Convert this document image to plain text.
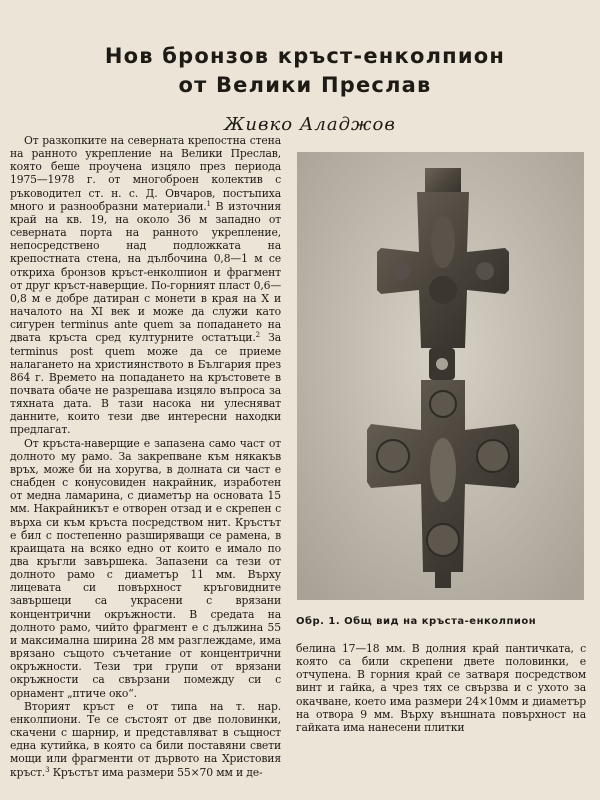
Нов бронзов кръст-енколпион
от Велики Преслав
Живко Аладжов

От разкопките на северната крепостна стена на ранното укрепление на Велики Преслав, която беше проучена изцяло през периода 1975—1978 г. от многоброен колектив с ръководител ст. н. с. Д. Овчаров, постъпиха много и разнообразни материали.$^1$ В източния край на кв. 19, на около 36 м западно от северната порта на ранното укрепление, непосредствено над подложката на крепостната стена, на дълбочина 0,8—1 м се откриха бронзов кръст-енколпион и фрагмент от друг кръст-наверщие. По-горният пласт 0,6—0,8 м е добре датиран с монети в края на X и началото на XI век и може да служи като сигурен terminus ante quem за попадането на двата кръста сред културните остатъци.$^2$ За terminus post quem може да се приеме налагането на християнството в България през 864 г. Времето на попадането на кръстовете в почвата обаче не разрешава изцяло въпроса за тяхната дата. В тази насока ни улесняват данните, които тези две интересни находки предлагат.

От кръста-наверщие е запазена само част от долното му рамо. За закрепване към някакъв връх, може би на хоругва, в долната си част е снабден с конусовиден накрайник, изработен от медна ламарина, с диаметър на основата 15 мм. Накрайникът е отворен отзад и е скрепен с върха си към кръста посредством нит. Кръстът е бил с постепенно разширяващи се рамена, в краищата на всяко едно от които е имало по два кръгли завършека. Запазени са тези от долното рамо с диаметър 11 мм. Върху лицевата си повърхност кръговидните завършеци са украсени с врязани концентрични окръжности. В средата на долното рамо, чийто фрагмент е с дължина 55 и максимална ширина 28 мм разглеждаме, има врязано същото съчетание от концентрични окръжности. Тези три групи от врязани окръжности са свързани помежду си с орнамент „птиче око“.

Вторият кръст е от типа на т. нар. енколпиони. Те се състоят от две половинки, скачени с шарнир, и представляват в същност една кутийка, в която са били поставяни свети мощи или фрагменти от дървото на Христовия кръст.$^3$ Кръстът има размери 55×70 мм и де-

Обр. 1. Общ вид на кръста-енколпион

белина 17—18 мм. В долния край пантичката, с която са били скрепени двете половинки, е отчупена. В горния край се затваря посредством винт и гайка, а чрез тях се свързва и с ухото за окачване, което има размери 24×10мм и диаметър на отвора 9 мм. Върху външната повърхност на гайката има нанесени плитки
